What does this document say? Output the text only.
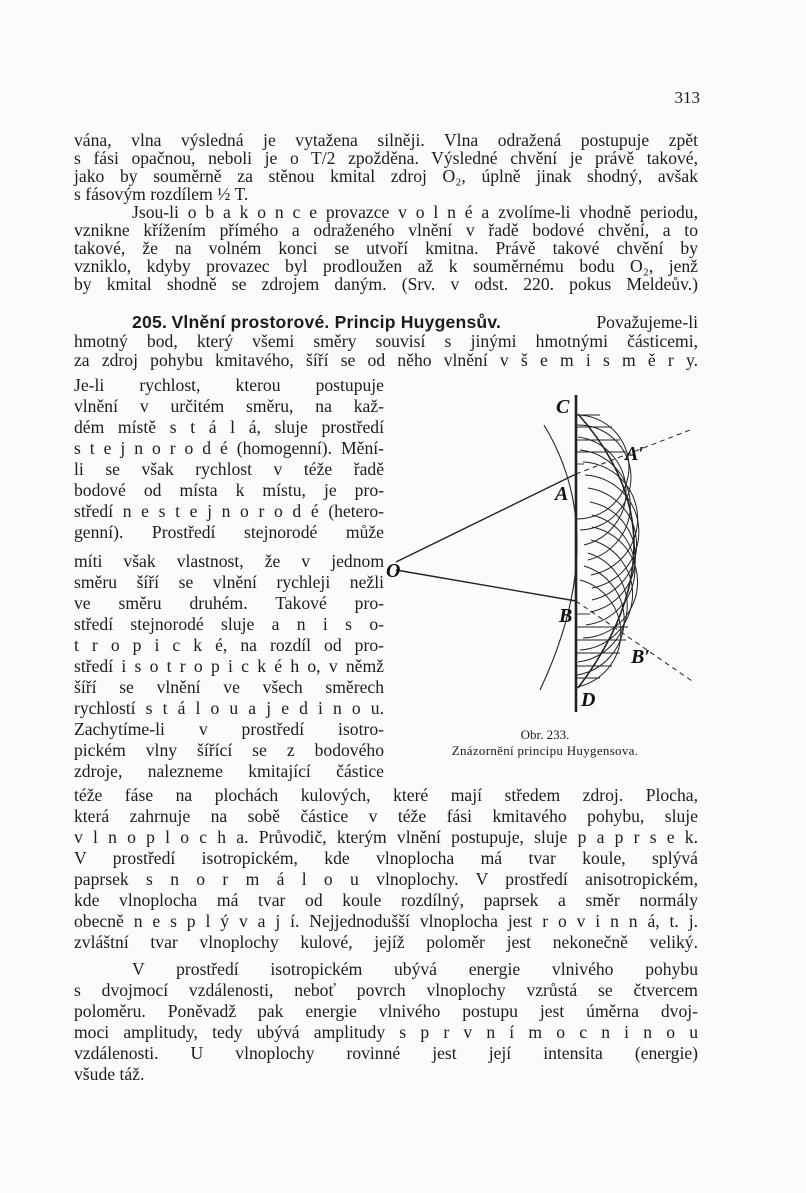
313
vána, vlna výsledná je vytažena silněji. Vlna odražená postupuje zpět
s fási opačnou, neboli je o T/2 zpožděna. Výsledné chvění je právě takové,
jako by souměrně za stěnou kmital zdroj O₂, úplně jinak shodný, avšak
s fásovým rozdílem ½ T.
Jsou-li o b a k o n c e provazce v o l n é a zvolíme-li vhodně periodu,
vznikne křížením přímého a odraženého vlnění v řadě bodové chvění, a to
takové, že na volném konci se utvoří kmitna. Právě takové chvění by
vzniklo, kdyby provazec byl prodloužen až k souměrnému bodu O₂, jenž
by kmital shodně se zdrojem daným. (Srv. v odst. 220. pokus Meldeův.)
205. Vlnění prostorové. Princip Huygensův.	Považujeme-li
hmotný bod, který všemi směry souvisí s jinými hmotnými částicemi,
za zdroj pohybu kmitavého, šíří se od něho vlnění v š e m i s m ě r y.
Je-li rychlost, kterou postupuje
vlnění v určitém směru, na kaž-
dém místě s t á l á, sluje prostředí
s t e j n o r o d é (homogenní). Mění-
li se však rychlost v téže řadě
bodové od místa k místu, je pro-
středí n e s t e j n o r o d é (hetero-
genní). Prostředí stejnorodé může
míti však vlastnost, že v jednom
směru šíří se vlnění rychleji nežli
ve směru druhém. Takové pro-
středí stejnorodé sluje a n i s o-
t r o p i c k é, na rozdíl od pro-
středí i s o t r o p i c k é h o, v němž
šíří se vlnění ve všech směrech
rychlostí s t á l o u a j e d i n o u.
Zachytíme-li v prostředí isotro-
pickém vlny šířící se z bodového
zdroje, nalezneme kmitající částice
téže fáse na plochách kulových, které mají středem zdroj. Plocha,
která zahrnuje na sobě částice v téže fási kmitavého pohybu, sluje
v l n o p l o c h a. Průvodič, kterým vlnění postupuje, sluje p a p r s e k.
V prostředí isotropickém, kde vlnoplocha má tvar koule, splývá
paprsek s n o r m á l o u vlnoplochy. V prostředí anisotropickém,
kde vlnoplocha má tvar od koule rozdílný, paprsek a směr normály
obecně n e s p l ý v a j í. Nejjednodušší vlnoplocha jest r o v i n n á, t. j.
zvláštní tvar vlnoplochy kulové, jejíž poloměr jest nekonečně veliký.
V prostředí isotropickém ubývá energie vlnivého pohybu
s dvojmocí vzdálenosti, neboť povrch vlnoplochy vzrůstá se čtvercem
poloměru. Poněvadž pak energie vlnivého postupu jest úměrna dvoj-
moci amplitudy, tedy ubývá amplitudy s p r v n í m o c n i n o u
vzdálenosti. U vlnoplochy rovinné jest její intensita (energie)
všude táž.
C
A′
A
O
B
B′
D
Obr. 233.
Znázornění principu Huygensova.
